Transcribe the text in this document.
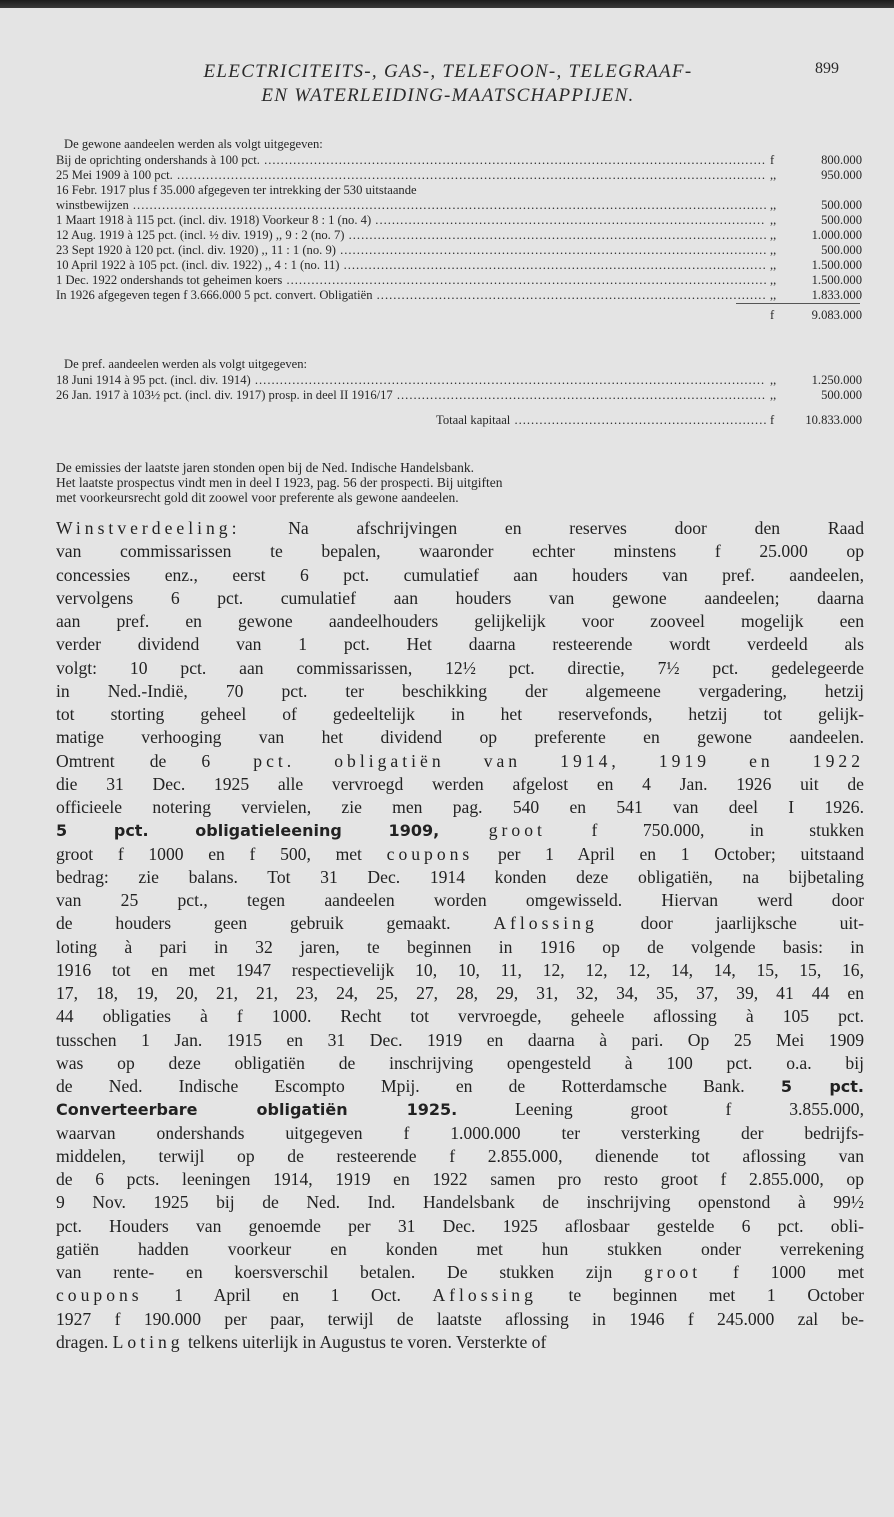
ELECTRICITEITS-, GAS-, TELEFOON-, TELEGRAAF-
EN WATERLEIDING-MAATSCHAPPIJEN.
899
De gewone aandeelen werden als volgt uitgegeven:
Bij de oprichting ondershands à 100 pct. .....	f	800.000
25 Mei 1909 à 100 pct. .....	,,	950.000
16 Febr. 1917 plus f 35.000 afgegeven ter intrekking der 530 uitstaande
winstbewijzen .....	,,	500.000
1 Maart 1918 à 115 pct. (incl. div. 1918) Voorkeur 8 : 1 (no. 4) .....	,,	500.000
12 Aug. 1919 à 125 pct. (incl. ½ div. 1919) ,, 9 : 2 (no. 7) .....	,,	1.000.000
23 Sept 1920 à 120 pct. (incl. div. 1920) ,, 11 : 1 (no. 9) .....	,,	500.000
10 April 1922 à 105 pct. (incl. div. 1922) ,, 4 : 1 (no. 11) .....	,,	1.500.000
1 Dec. 1922 ondershands tot geheimen koers .....	,,	1.500.000
In 1926 afgegeven tegen f 3.666.000 5 pct. convert. Obligatiën .....	,,	1.833.000
f	9.083.000
De pref. aandeelen werden als volgt uitgegeven:
18 Juni 1914 à 95 pct. (incl. div. 1914) .....	,,	1.250.000
26 Jan. 1917 à 103½ pct. (incl. div. 1917) prosp. in deel II 1916/17 .....	,,	500.000
Totaal kapitaal .....	f	10.833.000
De emissies der laatste jaren stonden open bij de Ned. Indische Handelsbank.
Het laatste prospectus vindt men in deel I 1923, pag. 56 der prospecti. Bij uitgiften
met voorkeursrecht gold dit zoowel voor preferente als gewone aandeelen.
Winstverdeeling: Na afschrijvingen en reserves door den Raad
van commissarissen te bepalen, waaronder echter minstens f 25.000 op
concessies enz., eerst 6 pct. cumulatief aan houders van pref. aandeelen,
vervolgens 6 pct. cumulatief aan houders van gewone aandeelen; daarna
aan pref. en gewone aandeelhouders gelijkelijk voor zooveel mogelijk een
verder dividend van 1 pct. Het daarna resteerende wordt verdeeld als
volgt: 10 pct. aan commissarissen, 12½ pct. directie, 7½ pct. gedelegeerde
in Ned.-Indië, 70 pct. ter beschikking der algemeene vergadering, hetzij
tot storting geheel of gedeeltelijk in het reservefonds, hetzij tot gelijk-
matige verhooging van het dividend op preferente en gewone aandeelen.
Omtrent de 6 pct. obligatiën van 1914, 1919 en 1922
die 31 Dec. 1925 alle vervroegd werden afgelost en 4 Jan. 1926 uit de
officieele notering vervielen, zie men pag. 540 en 541 van deel I 1926.
5 pct. obligatieleening 1909, groot f 750.000, in stukken
groot f 1000 en f 500, met coupons per 1 April en 1 October; uitstaand
bedrag: zie balans. Tot 31 Dec. 1914 konden deze obligatiën, na bijbetaling
van 25 pct., tegen aandeelen worden omgewisseld. Hiervan werd door
de houders geen gebruik gemaakt. Aflossing door jaarlijksche uit-
loting à pari in 32 jaren, te beginnen in 1916 op de volgende basis: in
1916 tot en met 1947 respectievelijk 10, 10, 11, 12, 12, 12, 14, 14, 15, 15, 16,
17, 18, 19, 20, 21, 21, 23, 24, 25, 27, 28, 29, 31, 32, 34, 35, 37, 39, 41 44 en
44 obligaties à f 1000. Recht tot vervroegde, geheele aflossing à 105 pct.
tusschen 1 Jan. 1915 en 31 Dec. 1919 en daarna à pari. Op 25 Mei 1909
was op deze obligatiën de inschrijving opengesteld à 100 pct. o.a. bij
de Ned. Indische Escompto Mpij. en de Rotterdamsche Bank. 5 pct.
Converteerbare obligatiën 1925. Leening groot f 3.855.000,
waarvan ondershands uitgegeven f 1.000.000 ter versterking der bedrijfs-
middelen, terwijl op de resteerende f 2.855.000, dienende tot aflossing van
de 6 pcts. leeningen 1914, 1919 en 1922 samen pro resto groot f 2.855.000, op
9 Nov. 1925 bij de Ned. Ind. Handelsbank de inschrijving openstond à 99½
pct. Houders van genoemde per 31 Dec. 1925 aflosbaar gestelde 6 pct. obli-
gatiën hadden voorkeur en konden met hun stukken onder verrekening
van rente- en koersverschil betalen. De stukken zijn groot f 1000 met
coupons 1 April en 1 Oct. Aflossing te beginnen met 1 October
1927 f 190.000 per paar, terwijl de laatste aflossing in 1946 f 245.000 zal be-
dragen. Loting telkens uiterlijk in Augustus te voren. Versterkte of
